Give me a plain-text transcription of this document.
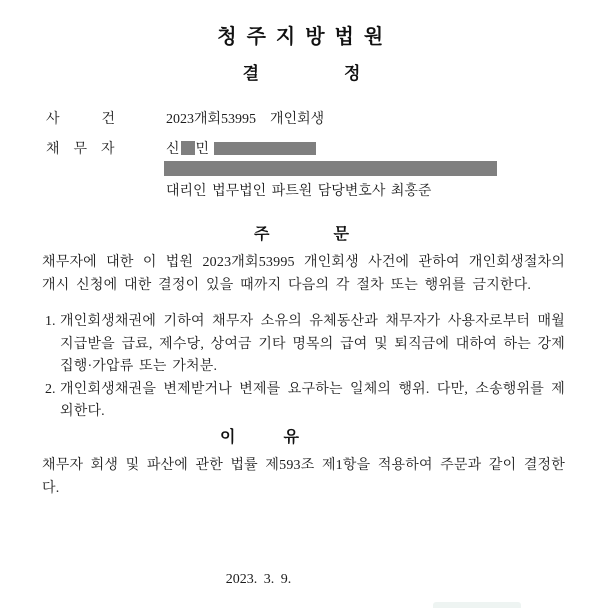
청 주 지 방 법 원
결　　　　　정
사　　　건	2023개회53995　개인회생
채　무　자	신 민
대리인 법무법인 파트원 담당변호사 최홍준
주　　　　문

채무자에 대한 이 법원 2023개회53995 개인회생 사건에 관하여 개인회생절차의 개시 신청에 대한 결정이 있을 때까지 다음의 각 절차 또는 행위를 금지한다.

1. 개인회생채권에 기하여 채무자 소유의 유체동산과 채무자가 사용자로부터 매월 지급받을 급료, 제수당, 상여금 기타 명목의 급여 및 퇴직금에 대하여 하는 강제집행·가압류 또는 가처분.
2. 개인회생채권을 변제받거나 변제를 요구하는 일체의 행위. 다만, 소송행위를 제외한다.
이　　　유

채무자 회생 및 파산에 관한 법률 제593조 제1항을 적용하여 주문과 같이 결정한다.

2023. 3. 9.
